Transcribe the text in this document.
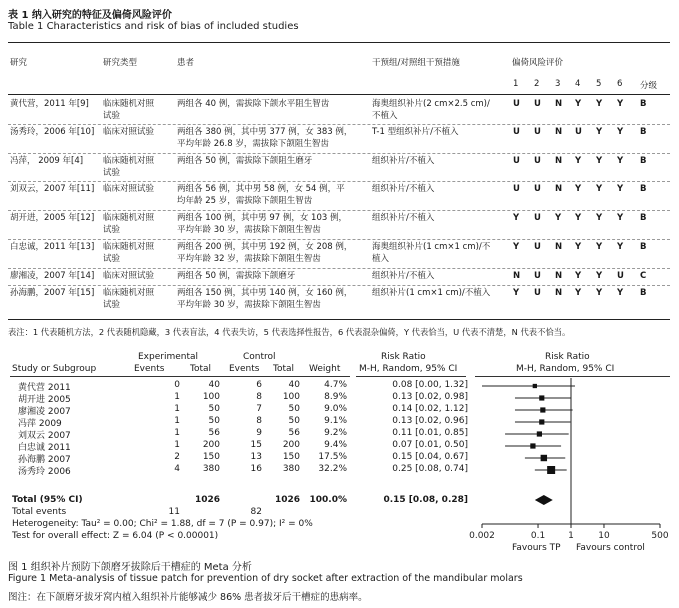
表 1 纳入研究的特征及偏倚风险评价
Table 1 Characteristics and risk of bias of included studies
研究	研究类型	患者	干预组/对照组干预措施	偏倚风险评价
1 2 3 4 5 6 分级
黄代营，2011 年[9] 临床随机对照
试验
两组各 40 例，需拔除下颌水平阻生智齿	海奥组织补片(2 cm×2.5 cm)/
不植入
U U N Y Y Y B
汤秀玲，2006 年[10] 临床对照试验	两组各 380 例，其中男 377 例，女 383 例，
平均年龄 26.8 岁，需拔除下颌阻生智齿
T-1 型组织补片/不植入	U U N U Y Y B
冯萍， 2009 年[4] 临床随机对照
试验
两组各 50 例，需拔除下颌阻生磨牙	组织补片/不植入	U U N Y Y Y B
刘双云，2007 年[11] 临床对照试验	两组各 56 例，其中男 58 例，女 54 例，平
均年龄 25 岁，需拔除下颌阻生智齿
组织补片/不植入	U U N Y Y Y B
胡开进，2005 年[12] 临床随机对照
试验
两组各 100 例，其中男 97 例，女 103 例，
平均年龄 30 岁，需拔除下颌阻生智齿
组织补片/不植入	Y U Y Y Y Y B
白忠诚，2011 年[13] 临床随机对照
试验
两组各 200 例，其中男 192 例，女 208 例，
平均年龄 32 岁，需拔除下颌阻生智齿
海奥组织补片(1 cm×1 cm)/不
植入
Y U N Y Y Y B
廖湘凌，2007 年[14] 临床对照试验	两组各 50 例，需拔除下颌磨牙	组织补片/不植入	N U N Y Y U C
孙海鹏，2007 年[15] 临床随机对照
试验
两组各 150 例，其中男 140 例，女 160 例，
平均年龄 30 岁，需拔除下颌阻生智齿
组织补片(1 cm×1 cm)/不植入	Y U N Y Y Y B
表注：1 代表随机方法，2 代表随机隐藏，3 代表盲法，4 代表失访，5 代表选择性报告，6 代表混杂偏倚，Y 代表恰当，U 代表不清楚，N 代表不恰当。
Experimental	Control	Risk Ratio	Risk Ratio
Study or Subgroup	Events	Total Events Total Weight M-H, Random, 95% CI	M-H, Random, 95% CI
黄代营 2011	0	40	6	40	4.7%	0.08 [0.00, 1.32]
胡开进 2005	1	100	8	100	8.9%	0.13 [0.02, 0.98]
廖湘凌 2007	1	50	7	50	9.0%	0.14 [0.02, 1.12]
冯萍 2009	1	50	8	50	9.1%	0.13 [0.02, 0.96]
刘双云 2007	1	56	9	56	9.2%	0.11 [0.01, 0.85]
白忠诚 2011	1	200	15	200	9.4%	0.07 [0.01, 0.50]
孙海鹏 2007	2	150	13	150	17.5%	0.15 [0.04, 0.67]
汤秀玲 2006	4	380	16	380	32.2%	0.25 [0.08, 0.74]
Total (95% CI)	1026	1026	100.0%	0.15 [0.08, 0.28]
Total events	11	82
Heterogeneity: Tau² = 0.00; Chi² = 1.88, df = 7 (P = 0.97); I² = 0%
Test for overall effect: Z = 6.04 (P < 0.00001)	0.002	0.1	1	10	500
Favours TP Favours control
图 1 组织补片预防下颌磨牙拔除后干槽症的 Meta 分析
Figure 1 Meta-analysis of tissue patch for prevention of dry socket after extraction of the mandibular molars
图注：在下颌磨牙拔牙窝内植入组织补片能够减少 86% 患者拔牙后干槽症的患病率。
